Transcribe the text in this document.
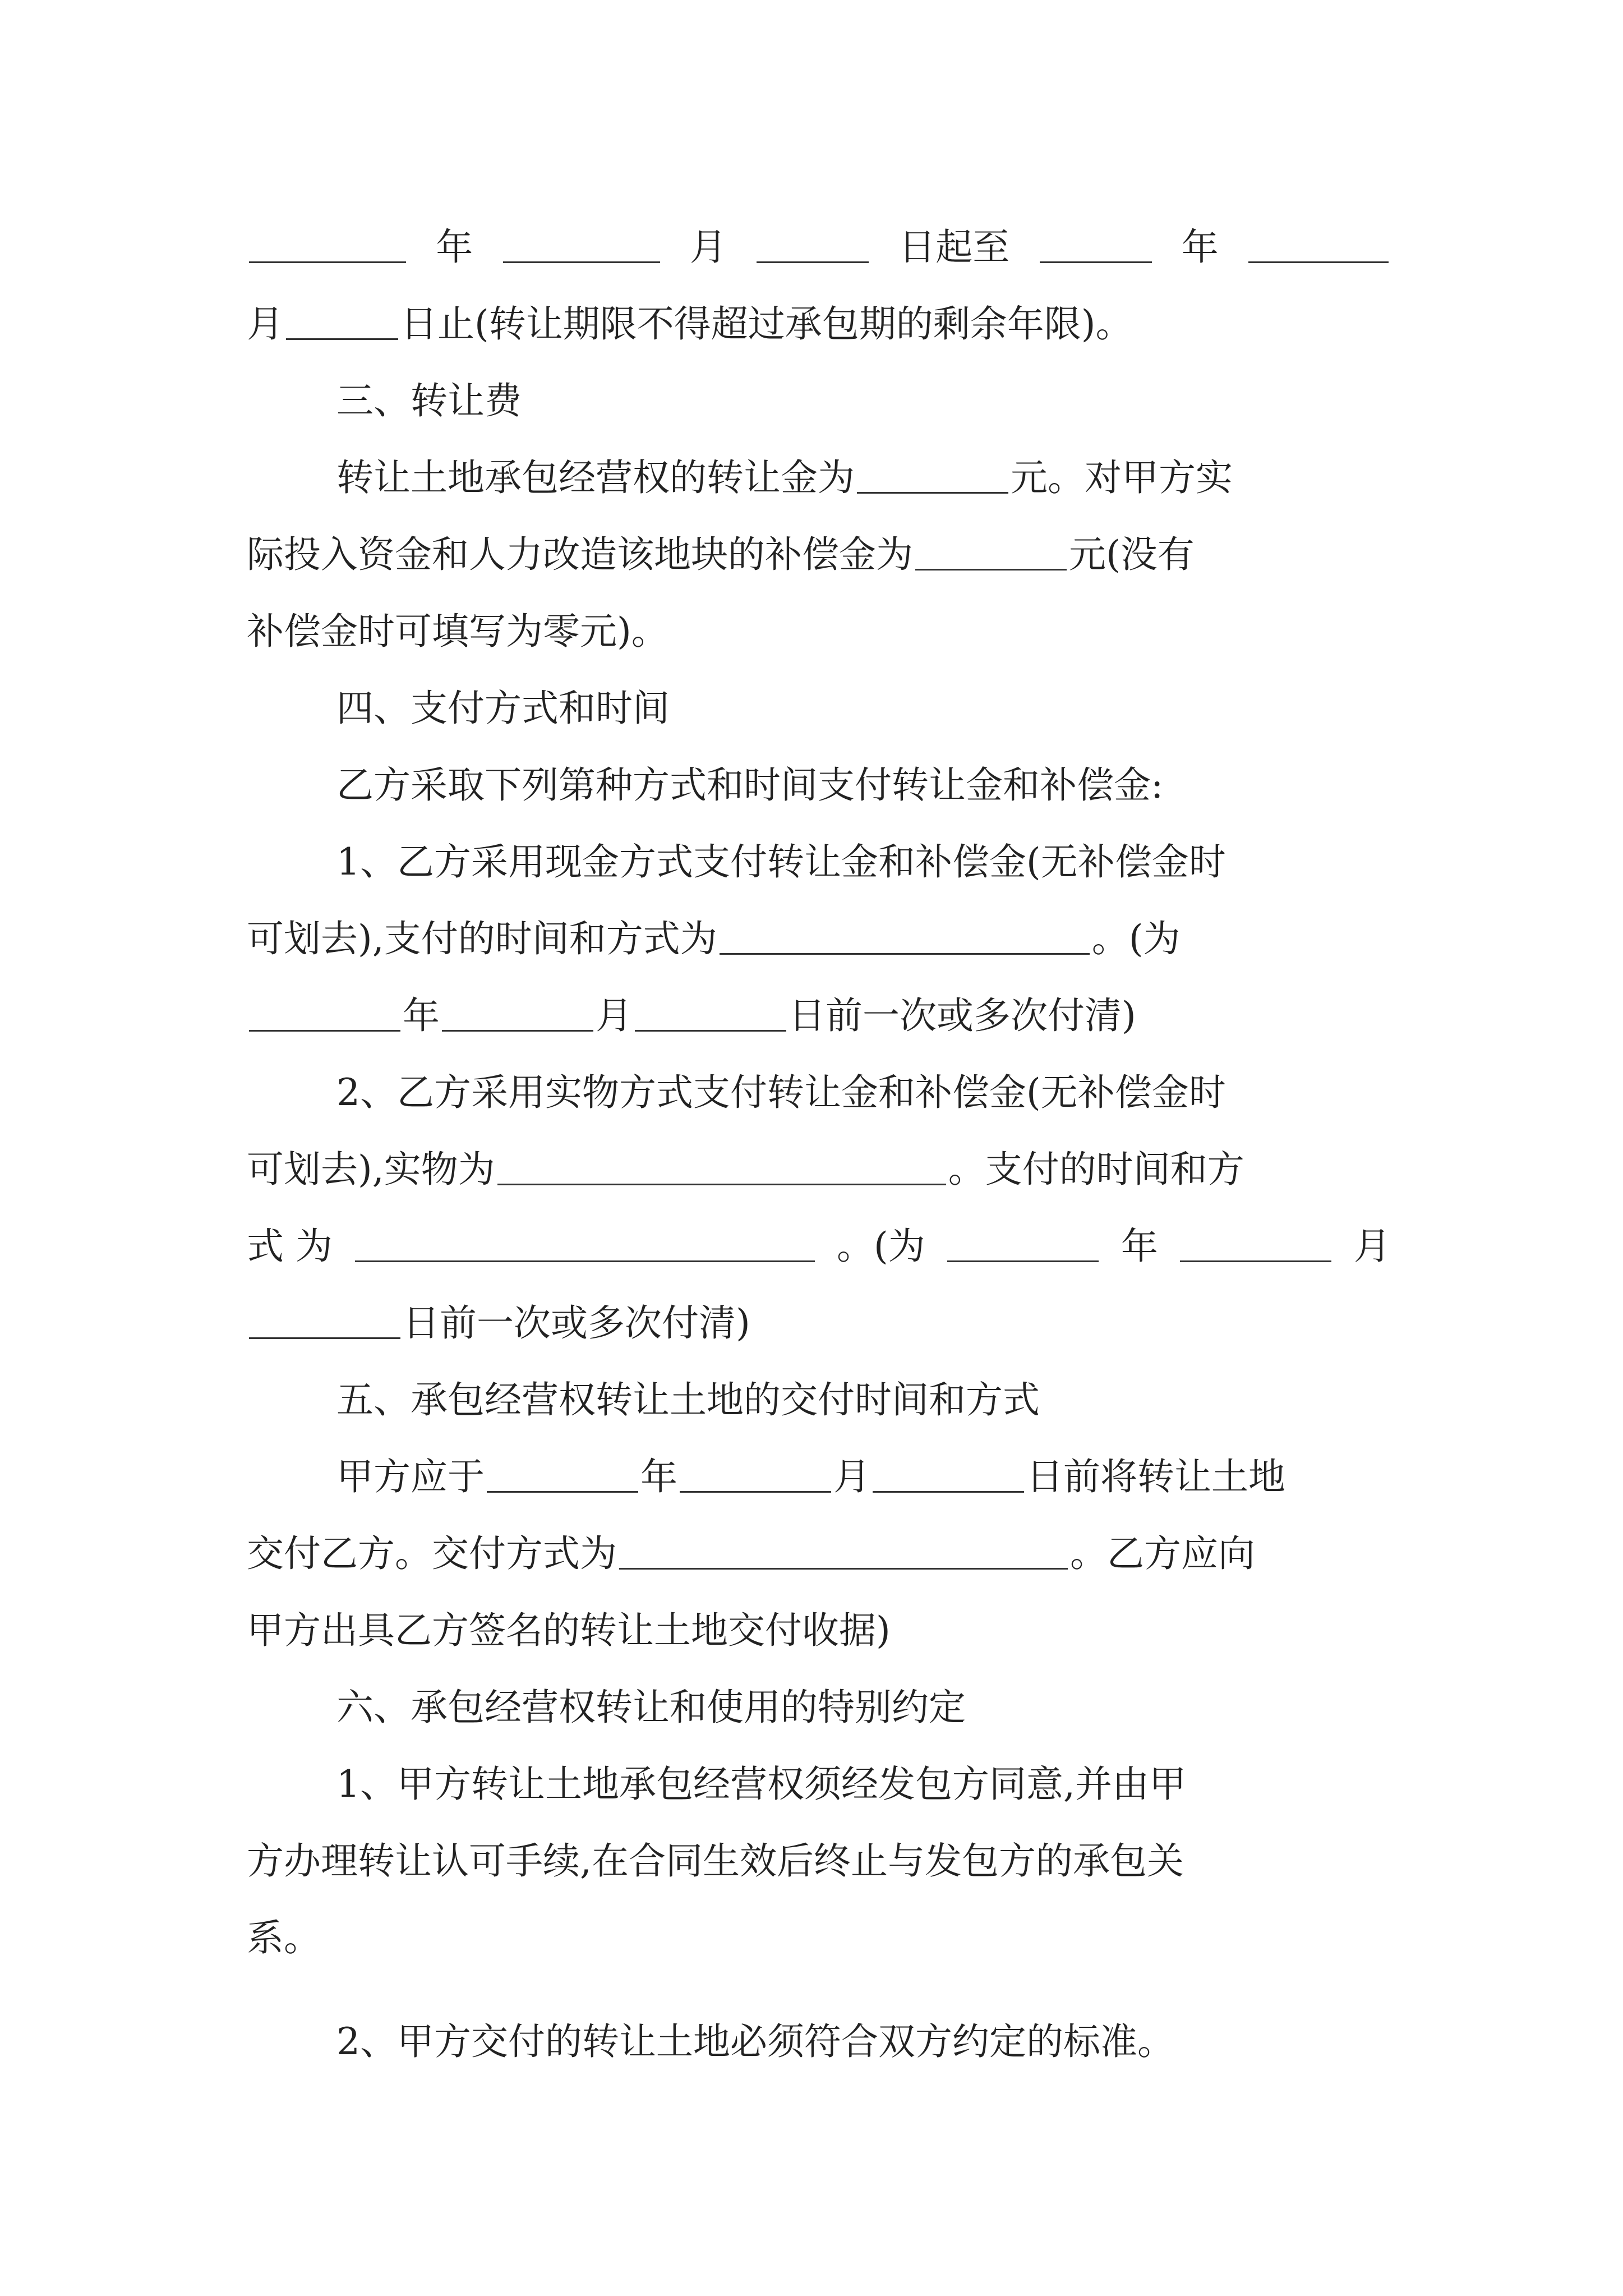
年	月	日起至	年
月	日止(转让期限不得超过承包期的剩余年限)。
三、转让费
转让土地承包经营权的转让金为	元。对甲方实
际投入资金和人力改造该地块的补偿金为	元(没有
补偿金时可填写为零元)。
四、支付方式和时间
乙方采取下列第种方式和时间支付转让金和补偿金:
1、乙方采用现金方式支付转让金和补偿金(无补偿金时
可划去),支付的时间和方式为	。(为
年	月	日前一次或多次付清)
2、乙方采用实物方式支付转让金和补偿金(无补偿金时
可划去),实物为	。支付的时间和方
式 为	。(为	年	月
日前一次或多次付清)
五、承包经营权转让土地的交付时间和方式
甲方应于	年	月	日前将转让土地
交付乙方。交付方式为	。乙方应向
甲方出具乙方签名的转让土地交付收据)
六、承包经营权转让和使用的特别约定
1、甲方转让土地承包经营权须经发包方同意,并由甲
方办理转让认可手续,在合同生效后终止与发包方的承包关
系。
2、甲方交付的转让土地必须符合双方约定的标准。
